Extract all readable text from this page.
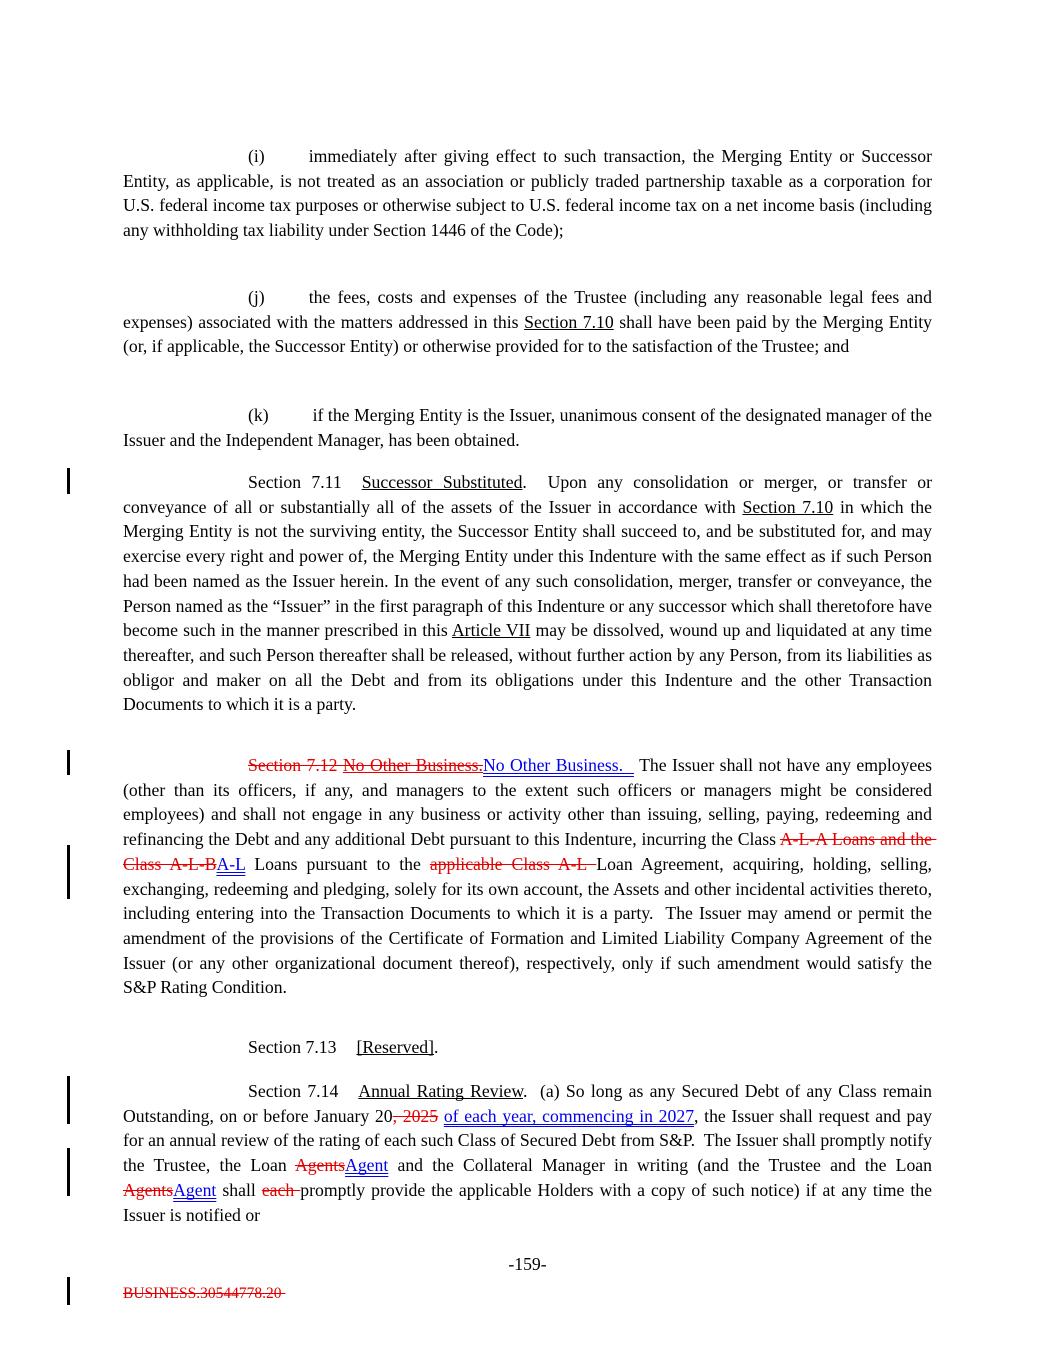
(i) immediately after giving effect to such transaction, the Merging Entity or Successor Entity, as applicable, is not treated as an association or publicly traded partnership taxable as a corporation for U.S. federal income tax purposes or otherwise subject to U.S. federal income tax on a net income basis (including any withholding tax liability under Section 1446 of the Code);

(j) the fees, costs and expenses of the Trustee (including any reasonable legal fees and expenses) associated with the matters addressed in this Section 7.10 shall have been paid by the Merging Entity (or, if applicable, the Successor Entity) or otherwise provided for to the satisfaction of the Trustee; and

(k) if the Merging Entity is the Issuer, unanimous consent of the designated manager of the Issuer and the Independent Manager, has been obtained.

Section 7.11 Successor Substituted.  Upon any consolidation or merger, or transfer or conveyance of all or substantially all of the assets of the Issuer in accordance with Section 7.10 in which the Merging Entity is not the surviving entity, the Successor Entity shall succeed to, and be substituted for, and may exercise every right and power of, the Merging Entity under this Indenture with the same effect as if such Person had been named as the Issuer herein. In the event of any such consolidation, merger, transfer or conveyance, the Person named as the “Issuer” in the first paragraph of this Indenture or any successor which shall theretofore have become such in the manner prescribed in this Article VII may be dissolved, wound up and liquidated at any time thereafter, and such Person thereafter shall be released, without further action by any Person, from its liabilities as obligor and maker on all the Debt and from its obligations under this Indenture and the other Transaction Documents to which it is a party.

Section 7.12 No Other Business.No Other Business.   The Issuer shall not have any employees (other than its officers, if any, and managers to the extent such officers or managers might be considered employees) and shall not engage in any business or activity other than issuing, selling, paying, redeeming and refinancing the Debt and any additional Debt pursuant to this Indenture, incurring the Class A-L-A Loans and the Class A-L-BA-L Loans pursuant to the applicable Class A-L Loan Agreement, acquiring, holding, selling, exchanging, redeeming and pledging, solely for its own account, the Assets and other incidental activities thereto, including entering into the Transaction Documents to which it is a party.  The Issuer may amend or permit the amendment of the provisions of the Certificate of Formation and Limited Liability Company Agreement of the Issuer (or any other organizational document thereof), respectively, only if such amendment would satisfy the S&P Rating Condition.

Section 7.13 [Reserved].

Section 7.14 Annual Rating Review.  (a) So long as any Secured Debt of any Class remain Outstanding, on or before January 20, 2025 of each year, commencing in 2027, the Issuer shall request and pay for an annual review of the rating of each such Class of Secured Debt from S&P.  The Issuer shall promptly notify the Trustee, the Loan AgentsAgent and the Collateral Manager in writing (and the Trustee and the Loan AgentsAgent shall each promptly provide the applicable Holders with a copy of such notice) if at any time the Issuer is notified or

-159-
BUSINESS.30544778.20
